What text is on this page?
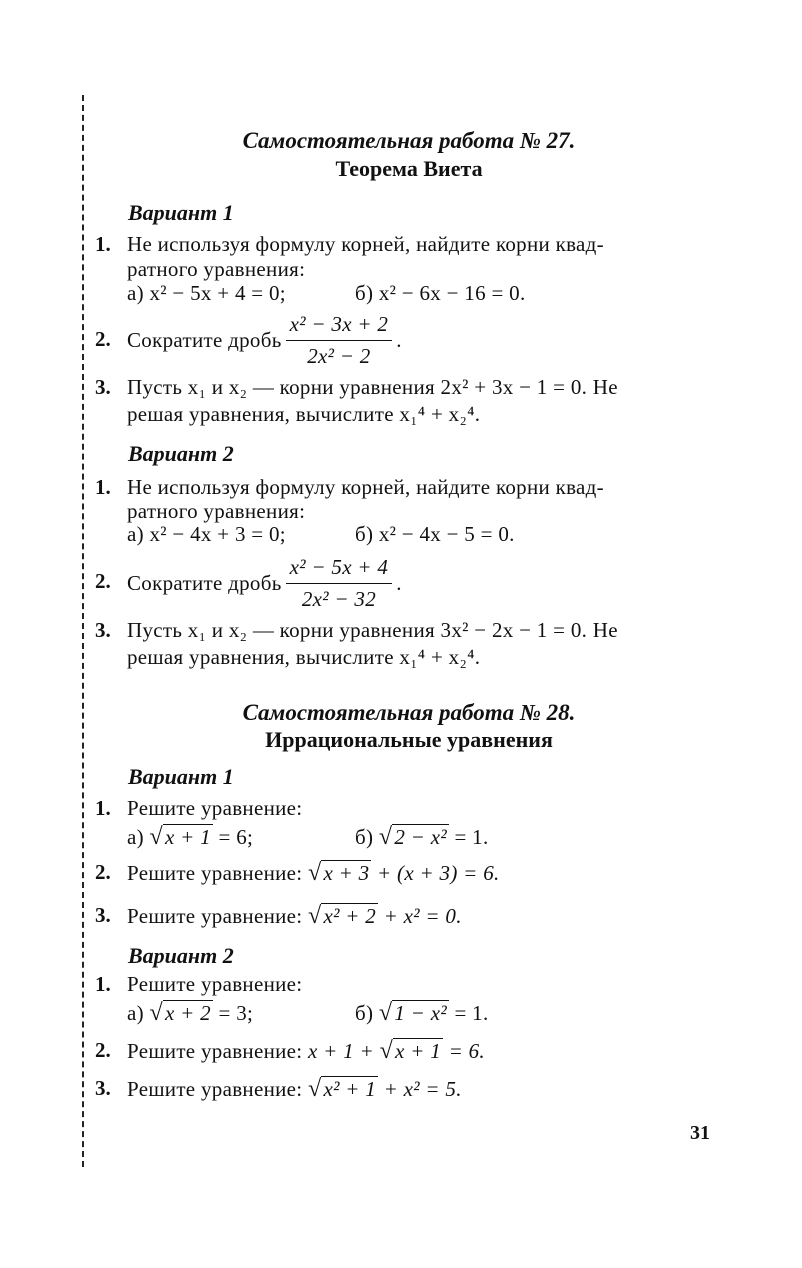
Самостоятельная работа № 27.
Теорема Виета
Вариант 1
1. Не используя формулу корней, найдите корни квад-
ратного уравнения:
а) x² − 5x + 4 = 0;	б) x² − 6x − 16 = 0.
2. Сократите дробь $\frac{\text{x² − 3x + 2}}{\text{2x² − 2}}$ .
3. Пусть x₁ и x₂ — корни уравнения 2x² + 3x − 1 = 0. Не
решая уравнения, вычислите x₁⁴ + x₂⁴.
Вариант 2
1. Не используя формулу корней, найдите корни квад-
ратного уравнения:
а) x² − 4x + 3 = 0;	б) x² − 4x − 5 = 0.
2. Сократите дробь $\frac{\text{x² − 5x + 4}}{\text{2x² − 32}}$ .
3. Пусть x₁ и x₂ — корни уравнения 3x² − 2x − 1 = 0. Не
решая уравнения, вычислите x₁⁴ + x₂⁴.
Самостоятельная работа № 28.
Иррациональные уравнения
Вариант 1
1. Решите уравнение:
а) √x + 1 = 6;	б) √2 − x² = 1.
2. Решите уравнение: √x + 3 + (x + 3) = 6.
3. Решите уравнение: √x² + 2 + x² = 0.
Вариант 2
1. Решите уравнение:
а) √x + 2 = 3;	б) √1 − x² = 1.
2. Решите уравнение: x + 1 + √x + 1 = 6.
3. Решите уравнение: √x² + 1 + x² = 5.
31
